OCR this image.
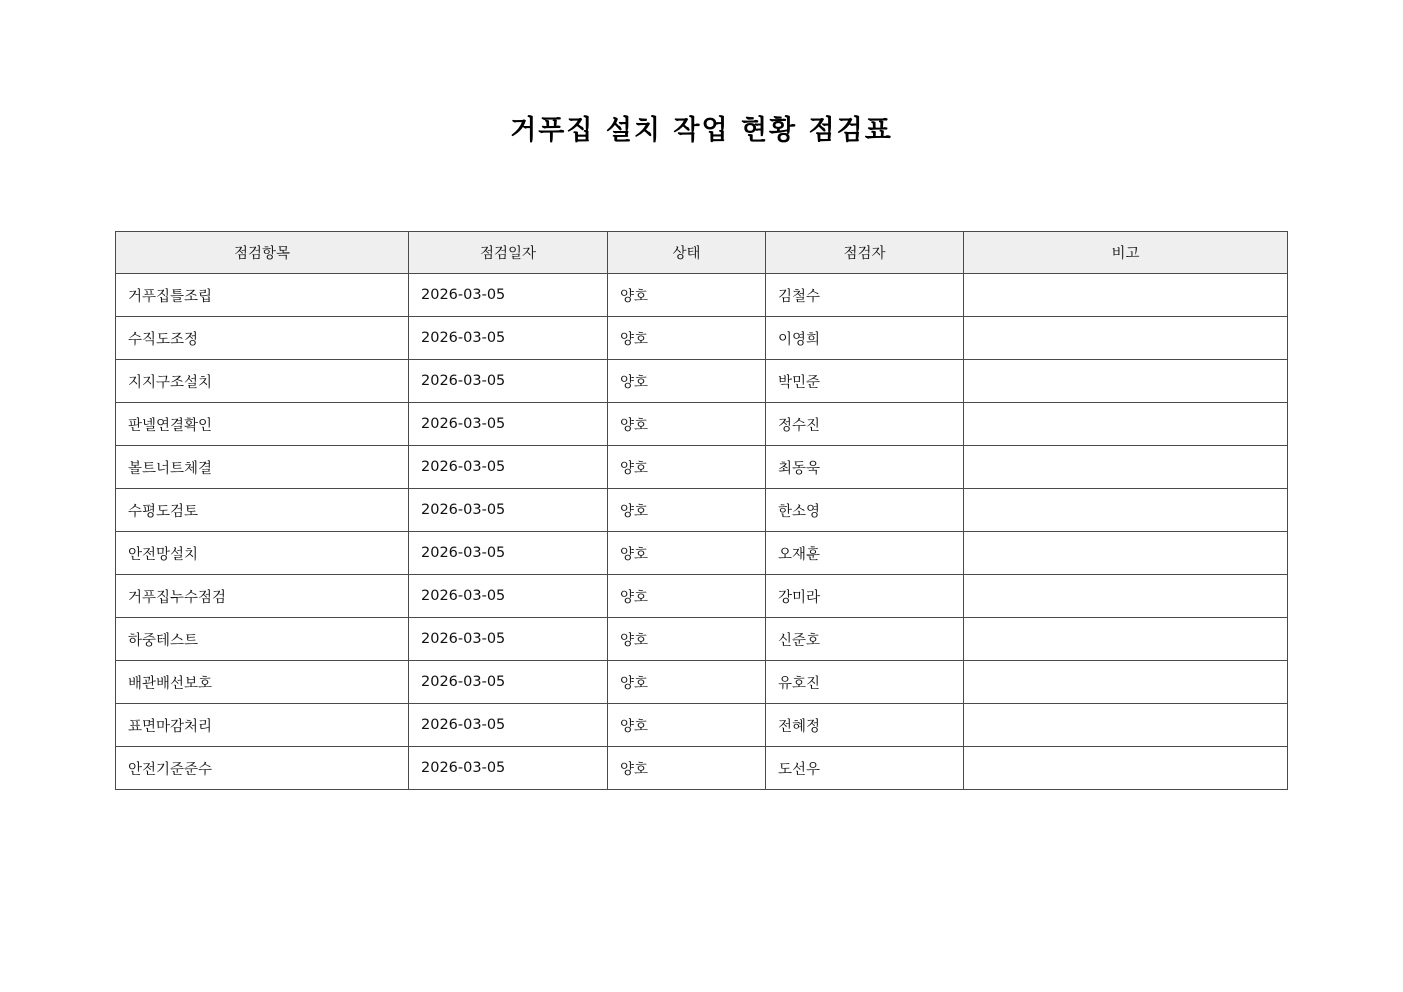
거푸집 설치 작업 현황 점검표
점검항목	점검일자	상태	점검자	비고
거푸집틀조립	2026-03-05	양호	김철수	
수직도조정	2026-03-05	양호	이영희	
지지구조설치	2026-03-05	양호	박민준	
판넬연결확인	2026-03-05	양호	정수진	
볼트너트체결	2026-03-05	양호	최동욱	
수평도검토	2026-03-05	양호	한소영	
안전망설치	2026-03-05	양호	오재훈	
거푸집누수점검	2026-03-05	양호	강미라	
하중테스트	2026-03-05	양호	신준호	
배관배선보호	2026-03-05	양호	유호진	
표면마감처리	2026-03-05	양호	전혜정	
안전기준준수	2026-03-05	양호	도선우	
